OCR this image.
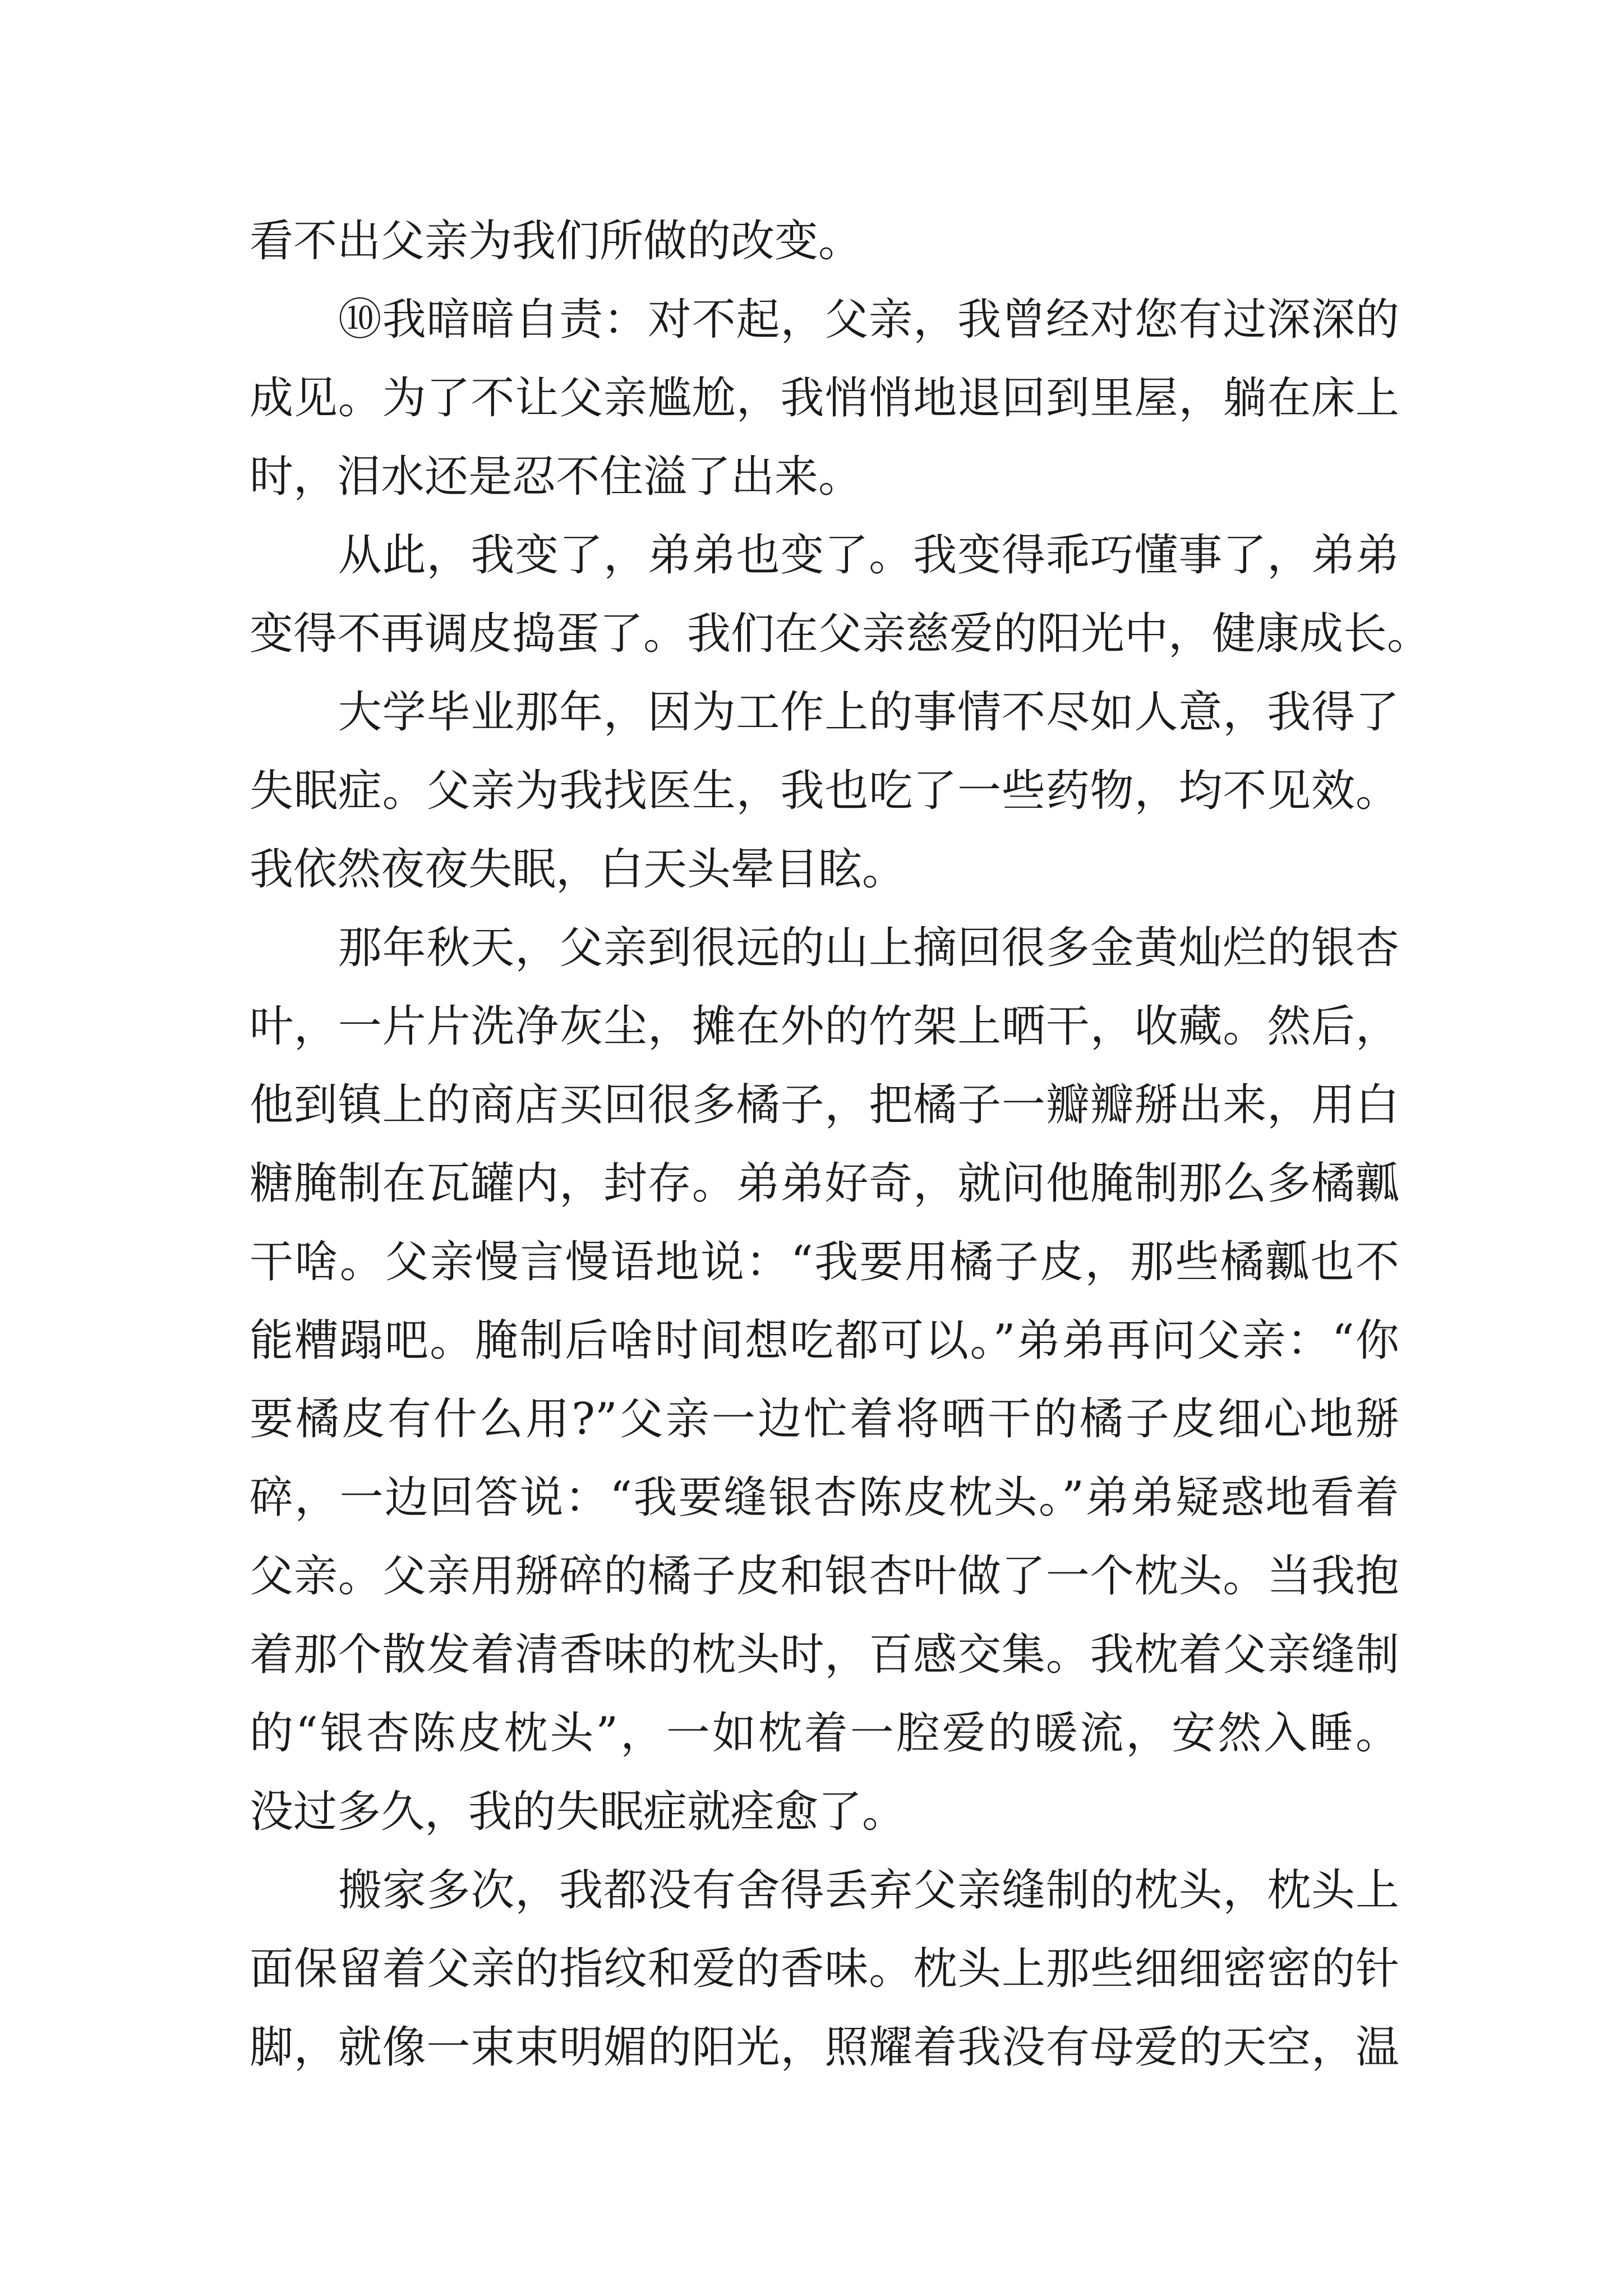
看不出父亲为我们所做的改变。
　　⑩我暗暗自责：对不起，父亲，我曾经对您有过深深的
成见。为了不让父亲尴尬，我悄悄地退回到里屋，躺在床上
时，泪水还是忍不住溢了出来。
　　从此，我变了，弟弟也变了。我变得乖巧懂事了，弟弟
变得不再调皮捣蛋了。我们在父亲慈爱的阳光中，健康成长。
　　大学毕业那年，因为工作上的事情不尽如人意，我得了
失眠症。父亲为我找医生，我也吃了一些药物，均不见效。
我依然夜夜失眠，白天头晕目眩。
　　那年秋天，父亲到很远的山上摘回很多金黄灿烂的银杏
叶，一片片洗净灰尘，摊在外的竹架上晒干，收藏。然后，
他到镇上的商店买回很多橘子，把橘子一瓣瓣掰出来，用白
糖腌制在瓦罐内，封存。弟弟好奇，就问他腌制那么多橘瓤
干啥。父亲慢言慢语地说：“我要用橘子皮，那些橘瓤也不
能糟蹋吧。腌制后啥时间想吃都可以。”弟弟再问父亲：“你
要橘皮有什么用?”父亲一边忙着将晒干的橘子皮细心地掰
碎，一边回答说：“我要缝银杏陈皮枕头。”弟弟疑惑地看着
父亲。父亲用掰碎的橘子皮和银杏叶做了一个枕头。当我抱
着那个散发着清香味的枕头时，百感交集。我枕着父亲缝制
的“银杏陈皮枕头”，一如枕着一腔爱的暖流，安然入睡。
没过多久，我的失眠症就痊愈了。
　　搬家多次，我都没有舍得丢弃父亲缝制的枕头，枕头上
面保留着父亲的指纹和爱的香味。枕头上那些细细密密的针
脚，就像一束束明媚的阳光，照耀着我没有母爱的天空，温
